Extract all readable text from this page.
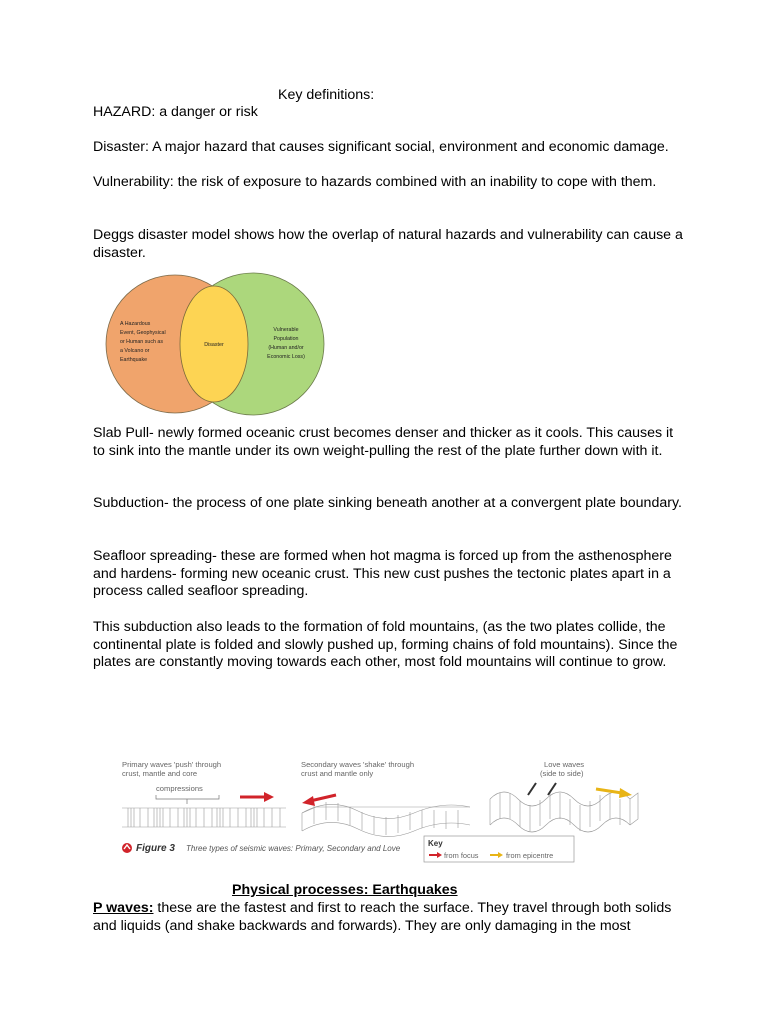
Key definitions:
HAZARD: a danger or risk
Disaster: A major hazard that causes significant social, environment and economic damage.
Vulnerability: the risk of exposure to hazards combined with an inability to cope with them.
Deggs disaster model shows how the overlap of natural hazards and vulnerability can cause a disaster.
A Hazardous
Event, Geophysical
or Human such as
a Volcano or
Earthquake
Disaster
Vulnerable
Population
(Human and/or
Economic Loss)
Slab Pull- newly formed oceanic crust becomes denser and thicker as it cools. This causes it to sink into the mantle under its own weight-pulling the rest of the plate further down with it.
Subduction- the process of one plate sinking beneath another at a convergent plate boundary.
Seafloor spreading- these are formed when hot magma is forced up from the asthenosphere and hardens- forming new oceanic crust. This new cust pushes the tectonic plates apart in a process called seafloor spreading.
This subduction also leads to the formation of fold mountains, (as the two plates collide, the continental plate is folded and slowly pushed up, forming chains of fold mountains). Since the plates are constantly moving towards each other, most fold mountains will continue to grow.
Primary waves 'push' through
crust, mantle and core
compressions
Secondary waves 'shake' through
crust and mantle only
Love waves
(side to side)
Figure 3 Three types of seismic waves: Primary, Secondary and Love
Key
from focus	from epicentre
Physical processes: Earthquakes
P waves: these are the fastest and first to reach the surface. They travel through both solids and liquids (and shake backwards and forwards). They are only damaging in the most
